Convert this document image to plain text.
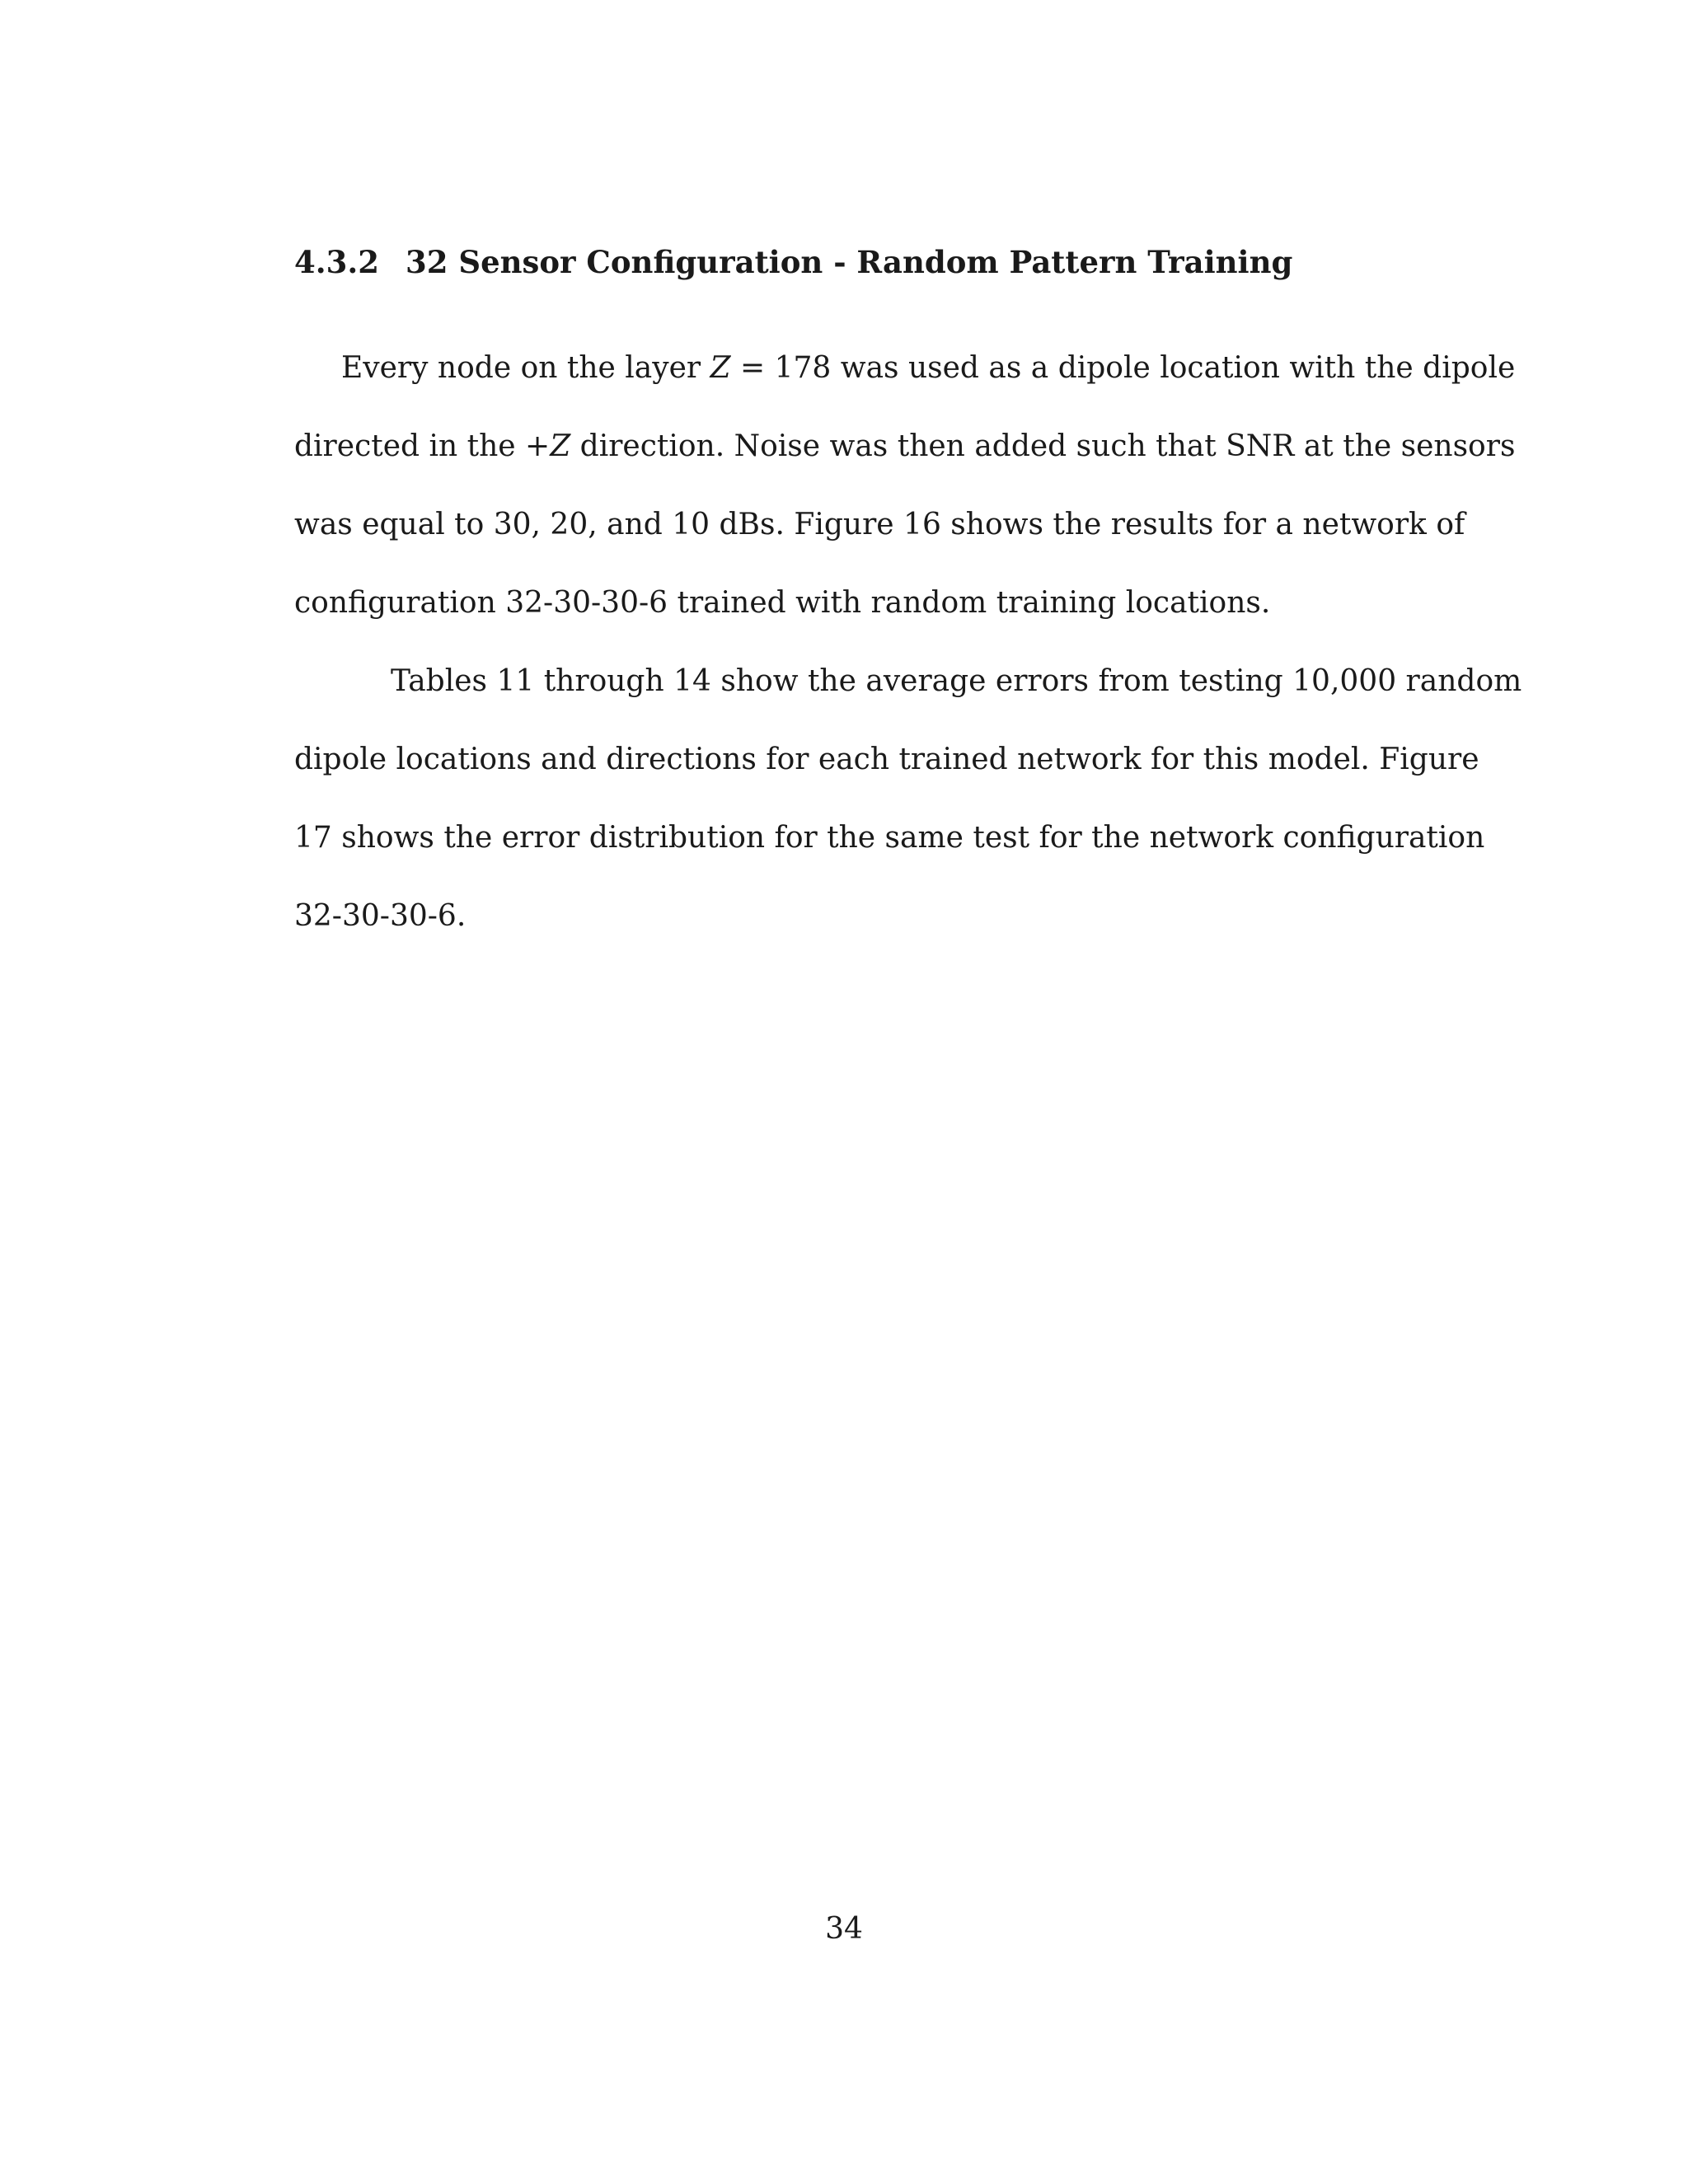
4.3.2 32 Sensor Configuration - Random Pattern Training

Every node on the layer Z = 178 was used as a dipole location with the dipole

directed in the +Z direction. Noise was then added such that SNR at the sensors

was equal to 30, 20, and 10 dBs. Figure 16 shows the results for a network of

configuration 32-30-30-6 trained with random training locations.

Tables 11 through 14 show the average errors from testing 10,000 random

dipole locations and directions for each trained network for this model. Figure

17 shows the error distribution for the same test for the network configuration

32-30-30-6.

34
